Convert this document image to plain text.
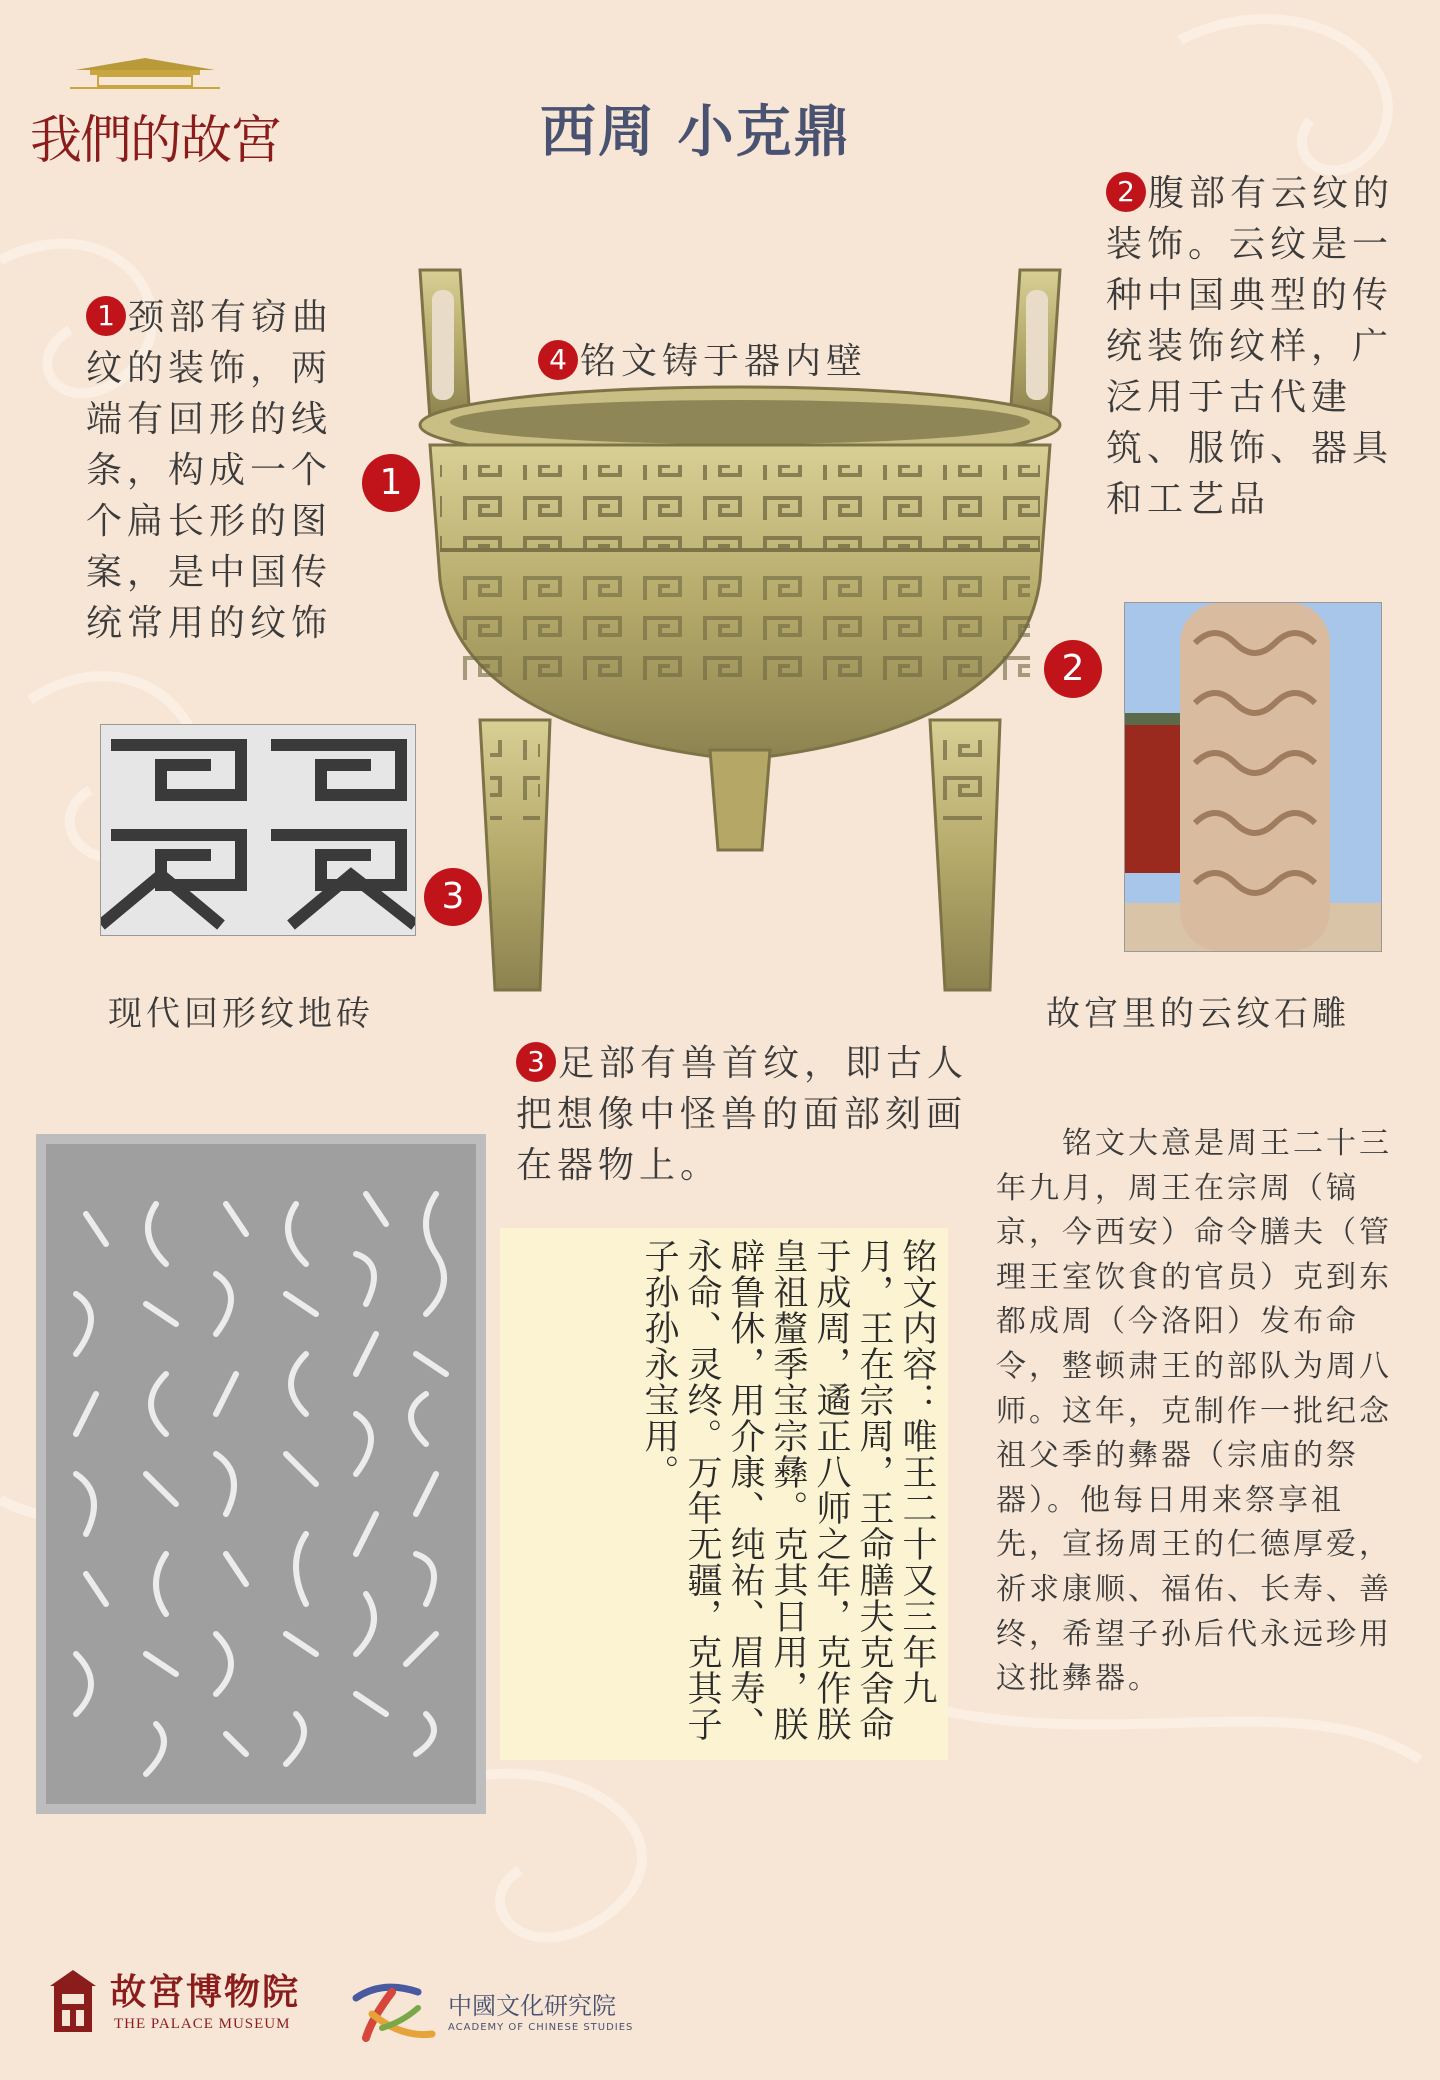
我們的故宮	西周 小克鼎
1 颈部有窃曲纹的装饰，两端有回形的线条，构成一个个扁长形的图案，是中国传统常用的纹饰
2 腹部有云纹的装饰。云纹是一种中国典型的传统装饰纹样，广泛用于古代建筑、服饰、器具和工艺品
4 铭文铸于器内壁
1
2
3
现代回形纹地砖	故宫里的云纹石雕
3 足部有兽首纹，即古人把想像中怪兽的面部刻画在器物上。
铭文内容：唯王二十又三年九月，王在宗周，王命膳夫克舍命于成周，遹正八师之年，克作朕皇祖釐季宝宗彝。克其日用，朕辟鲁休，用介康、纯祐、眉寿、永命、灵终。万年无疆，克其子子孙孙永宝用。
　　铭文大意是周王二十三年九月，周王在宗周（镐京，今西安）命令膳夫（管理王室饮食的官员）克到东都成周（今洛阳）发布命令，整顿肃王的部队为周八师。这年，克制作一批纪念祖父季的彝器（宗庙的祭器）。他每日用来祭享祖先，宣扬周王的仁德厚爱，祈求康顺、福佑、长寿、善终，希望子孙后代永远珍用这批彝器。
故宮博物院
THE PALACE MUSEUM
中國文化研究院
ACADEMY OF CHINESE STUDIES
